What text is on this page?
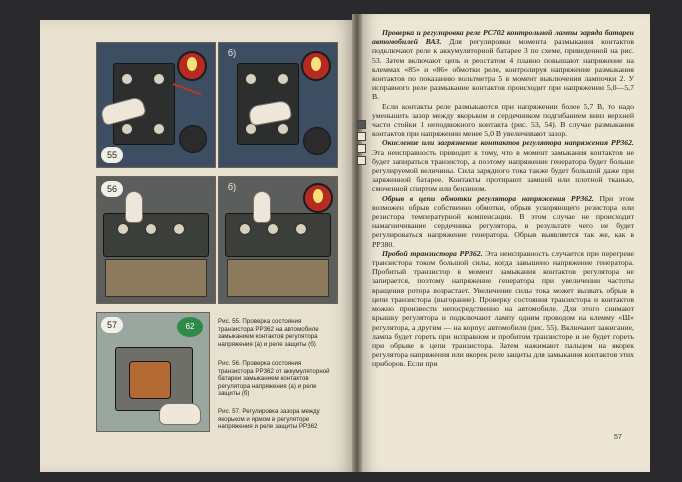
55
б)
56	б)
57	62
Рис. 55. Проверка состояния транзистора РР362 на автомобиле замыканием контактов регулятора напряжения (а) и реле защиты (б)
Рис. 56. Проверка состояния транзистора РР362 от аккумуляторной батареи замыканием контактов регулятора напряжения (а) и реле защиты (б)
Рис. 57. Регулировка зазора между якорьком и ярмом в регуляторе напряжения и реле защиты РР362

Проверка и регулировка реле РС702 контрольной лампы заряда батареи автомобилей ВАЗ. Для регулировки момента размыкания контактов подключают реле к аккумуляторной батарее 3 по схеме, приведенной на рис. 53. Затем включают цепь и реостатом 4 плавно повышают напряжение на клеммах «85» и «86» обмотки реле, контролируя напряжение размыкания контактов по показанию вольтметра 5 в момент выключения лампочки 2. У исправного реле размыкание контактов происходит при напряжении 5,0—5,7 В.

Если контакты реле размыкаются при напряжении более 5,7 В, то надо уменьшить зазор между якорьком и сердечником подгибанием вниз верхней части стойки 1 неподвижного контакта (рис. 53, 54). В случае размыкания контактов при напряжении менее 5,0 В увеличивают зазор.

Окисление или загрязнение контактов регулятора напряжения РР362. Эта неисправность приводит к тому, что в момент замыкания контактов не будет запираться транзистор, а поэтому напряжение генератора будет больше регулируемой величины. Сила зарядного тока также будет большой даже при заряженной батарее. Контакты протирают замшей или плотной тканью, смоченной спиртом или бензином.

Обрыв в цепи обмотки регулятора напряжения РР362. При этом возможен обрыв собственно обмотки, обрыв ускоряющего резистора или резистора температурной компенсации. В этом случае не происходит намагничивание сердечника регулятора, в результате чего не будет регулироваться напряжение генератора. Обрыв выявляется так же, как в РР380.

Пробой транзистора РР362. Эта неисправность случается при перегреве транзистора током большой силы, когда завышено напряжение генератора. Пробитый транзистор в момент замыкания контактов регулятора не запирается, поэтому напряжение генератора при увеличении частоты вращения ротора возрастает. Увеличение силы тока может вызвать обрыв в цепи транзистора (выгорание). Проверку состояния транзистора и контактов можно произвести непосредственно на автомобиле. Для этого снимают крышку регулятора и подключают лампу одним проводом на клемму «Ш» регулятора, а другим — на корпус автомобиля (рис. 55). Включают зажигание, лампа будет гореть при исправном и пробитом транзисторе и не будет гореть при обрыве в цепи транзистора. Затем нажимают пальцем на якорек регулятора напряжения или якорек реле защиты для замыкания контактов этих приборов. Если при

57
